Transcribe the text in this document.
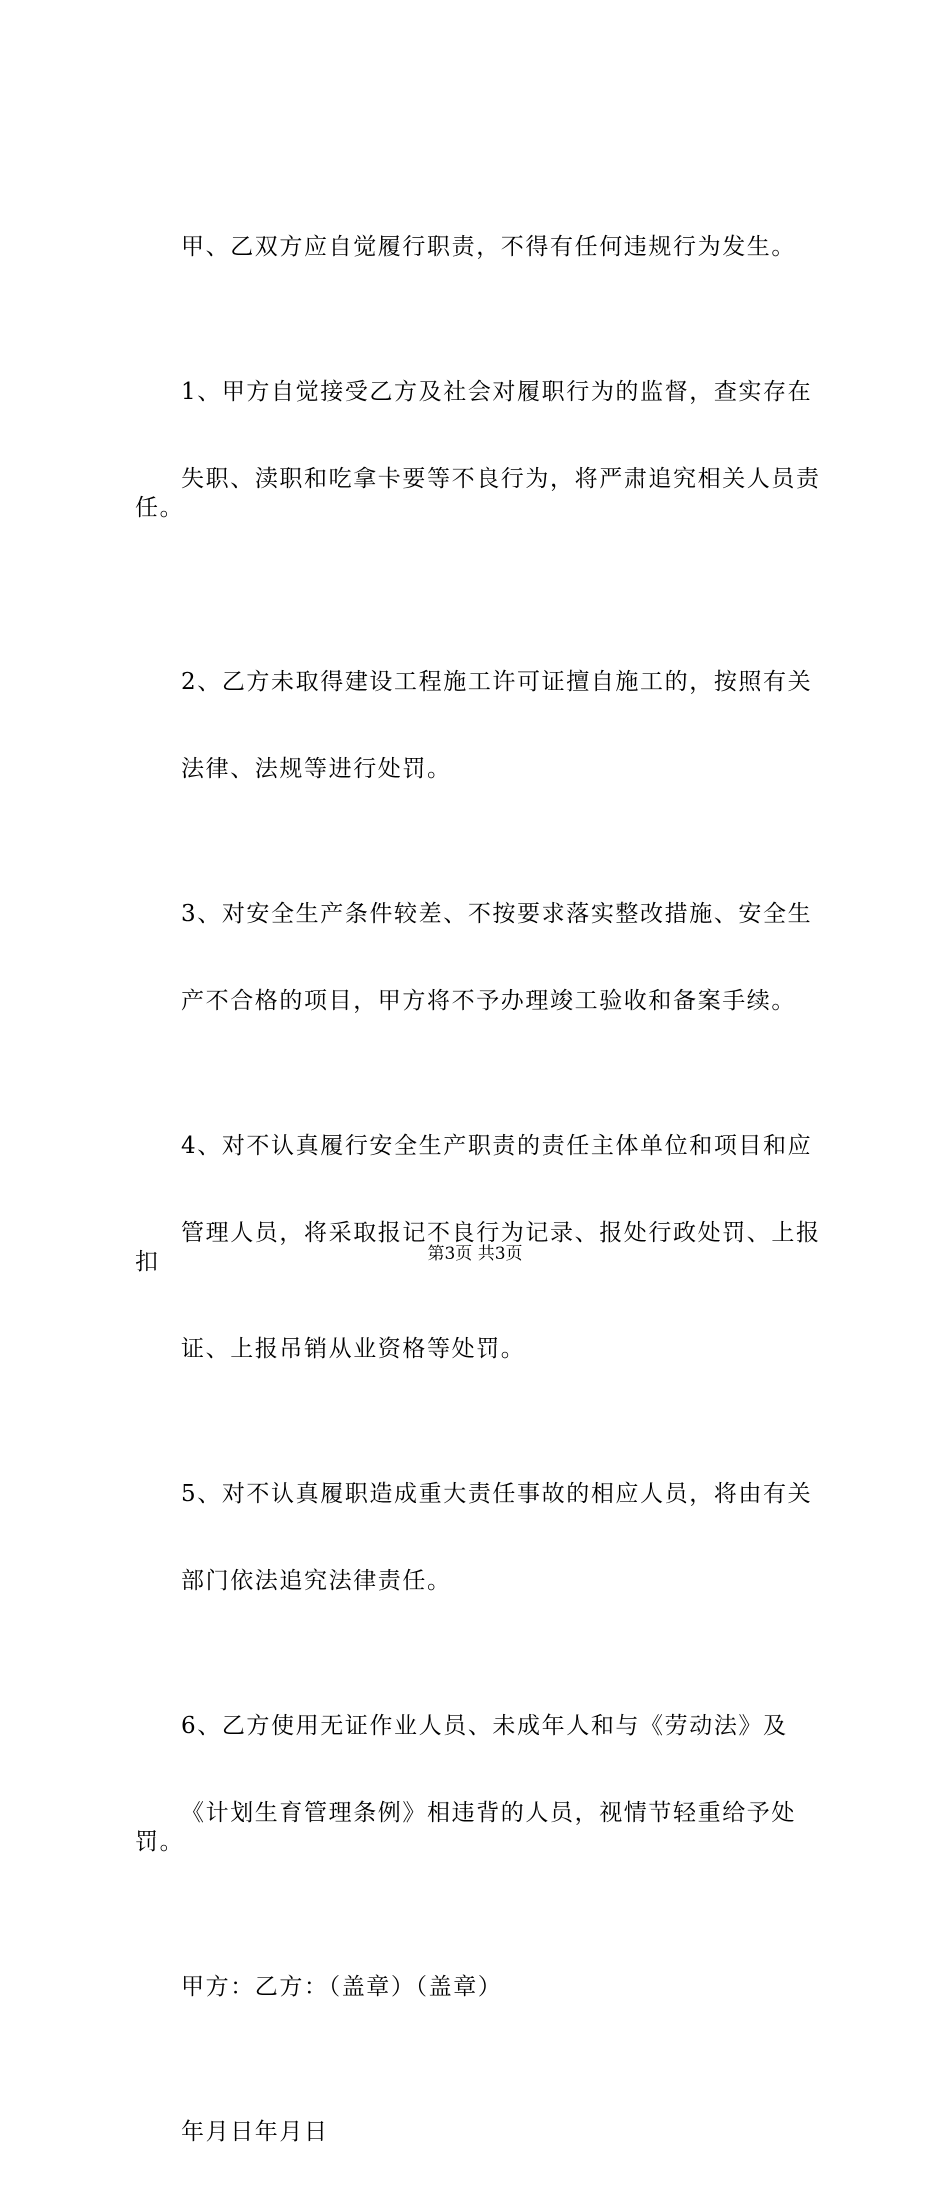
甲、乙双方应自觉履行职责，不得有任何违规行为发生。

1、甲方自觉接受乙方及社会对履职行为的监督，查实存在

失职、渎职和吃拿卡要等不良行为，将严肃追究相关人员责任。

2、乙方未取得建设工程施工许可证擅自施工的，按照有关

法律、法规等进行处罚。

3、对安全生产条件较差、不按要求落实整改措施、安全生

产不合格的项目，甲方将不予办理竣工验收和备案手续。

4、对不认真履行安全生产职责的责任主体单位和项目和应

管理人员，将采取报记不良行为记录、报处行政处罚、上报扣

证、上报吊销从业资格等处罚。

5、对不认真履职造成重大责任事故的相应人员，将由有关

部门依法追究法律责任。

6、乙方使用无证作业人员、未成年人和与《劳动法》及

《计划生育管理条例》相违背的人员，视情节轻重给予处罚。

甲方：乙方：（盖章）（盖章）

年月日年月日

第3页 共3页
